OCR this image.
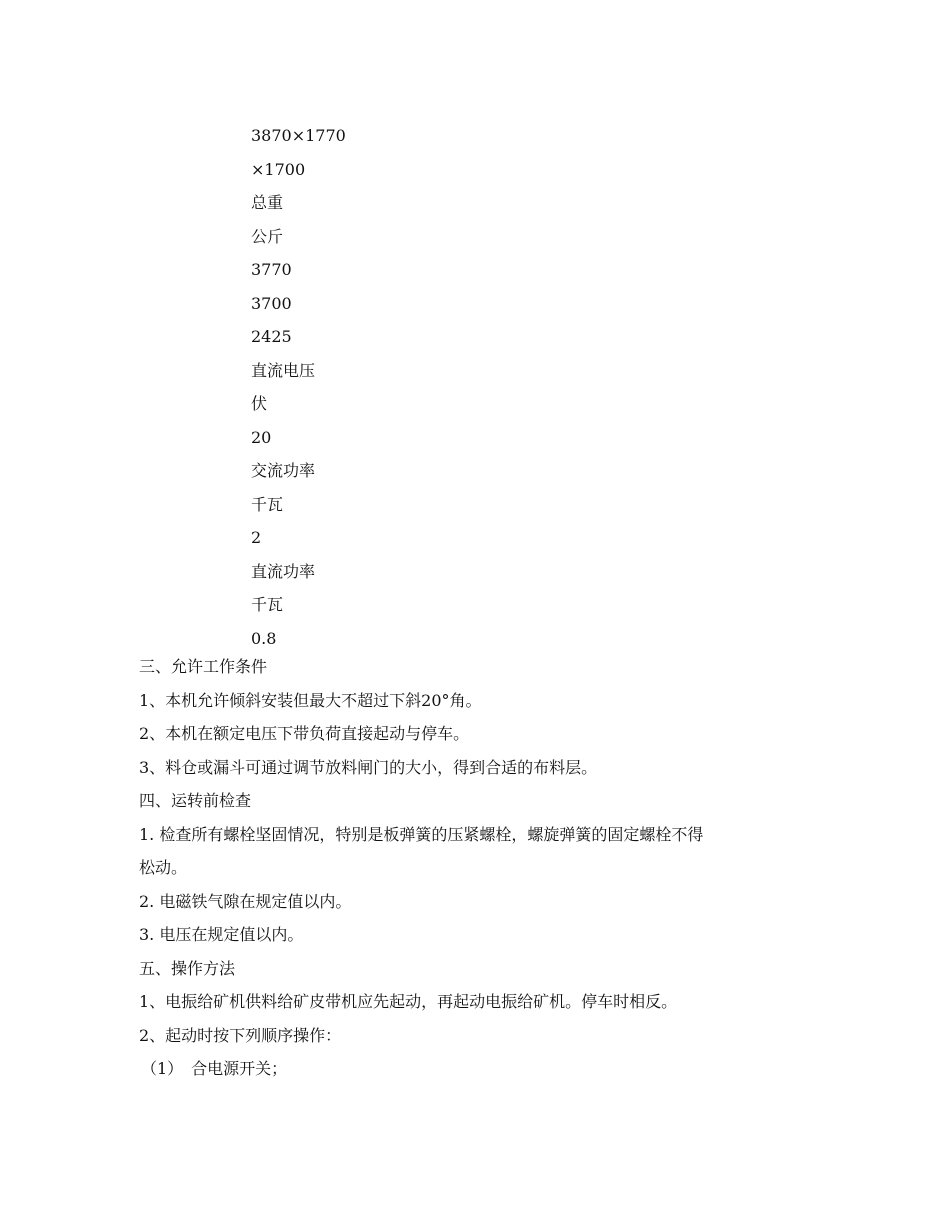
3870×1770
×1700
总重
公斤
3770
3700
2425
直流电压
伏
20
交流功率
千瓦
2
直流功率
千瓦
0.8
三、允许工作条件
1、本机允许倾斜安装但最大不超过下斜20°角。
2、本机在额定电压下带负荷直接起动与停车。
3、料仓或漏斗可通过调节放料闸门的大小，得到合适的布料层。
四、运转前检查
1. 检查所有螺栓坚固情况，特别是板弹簧的压紧螺栓，螺旋弹簧的固定螺栓不得
松动。
2. 电磁铁气隙在规定值以内。
3. 电压在规定值以内。
五、操作方法
1、电振给矿机供料给矿皮带机应先起动，再起动电振给矿机。停车时相反。
2、起动时按下列顺序操作：
（1）　合电源开关；
